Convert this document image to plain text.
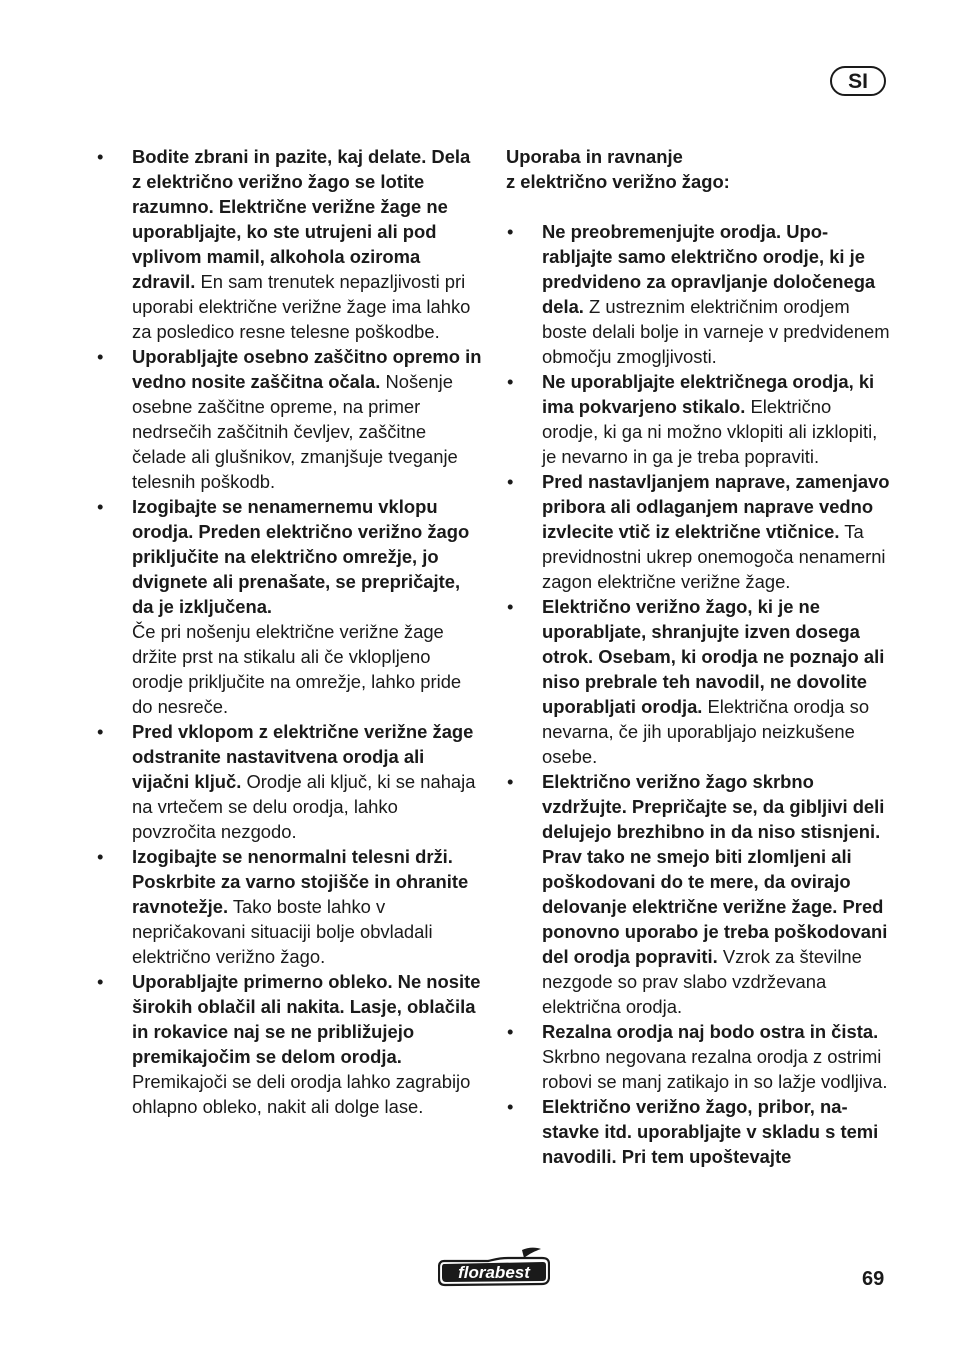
SI
• Bodite zbrani in pazite, kaj delate. Dela z električno verižno žago se lotite razumno. Električne verižne žage ne uporabljajte, ko ste utrujeni ali pod vplivom mamil, alkohola oziroma zdravil. En sam trenutek nepazljivosti pri uporabi električne verižne žage ima lahko za posledico resne telesne poškodbe.
• Uporabljajte osebno zaščitno opremo in vedno nosite zaščitna očala. Nošenje osebne zaščitne opreme, na primer nedrsečih zaščitnih čevljev, zaščitne čelade ali glušnikov, zmanjšuje tveganje telesnih poškodb.
• Izogibajte se nenamernemu vklopu orodja. Preden električno verižno žago priključite na električno omrežje, jo dvignete ali prenašate, se prepričajte, da je izključena.
Če pri nošenju električne verižne žage držite prst na stikalu ali če vklopljeno orodje priključite na omrežje, lahko pride do nesreče.
• Pred vklopom z električne verižne žage odstranite nastavitvena orodja ali vijačni ključ. Orodje ali ključ, ki se nahaja na vrtečem se delu orodja, lahko povzročita nezgodo.
• Izogibajte se nenormalni telesni drži. Poskrbite za varno stojišče in ohranite ravnotežje. Tako boste lahko v nepričakovani situaciji bolje obvladali električno verižno žago.
• Uporabljajte primerno obleko. Ne nosite širokih oblačil ali nakita. Lasje, oblačila in rokavice naj se ne približujejo premikajočim se delom orodja. Premikajoči se deli orodja lahko zagrabijo ohlapno obleko, nakit ali dolge lase.
Uporaba in ravnanje
z električno verižno žago:
• Ne preobremenjujte orodja. Uporabljajte samo električno orodje, ki je predvideno za opravljanje določenega dela. Z ustreznim električnim orodjem boste delali bolje in varneje v predvidenem območju zmogljivosti.
• Ne uporabljajte električnega orodja, ki ima pokvarjeno stikalo. Električno orodje, ki ga ni možno vklopiti ali izklopiti, je nevarno in ga je treba popraviti.
• Pred nastavljanjem naprave, zamenjavo pribora ali odlaganjem naprave vedno izvlecite vtič iz električne vtičnice. Ta previdnostni ukrep onemogoča nenamerni zagon električne verižne žage.
• Električno verižno žago, ki je ne uporabljate, shranjujte izven dosega otrok. Osebam, ki orodja ne poznajo ali niso prebrale teh navodil, ne dovolite uporabljati orodja. Električna orodja so nevarna, če jih uporabljajo neizkušene osebe.
• Električno verižno žago skrbno vzdržujte. Prepričajte se, da gibljivi deli delujejo brezhibno in da niso stisnjeni. Prav tako ne smejo biti zlomljeni ali poškodovani do te mere, da ovirajo delovanje električne verižne žage. Pred ponovno uporabo je treba poškodovani del orodja popraviti. Vzrok za številne nezgode so prav slabo vzdrževana električna orodja.
• Rezalna orodja naj bodo ostra in čista. Skrbno negovana rezalna orodja z ostrimi robovi se manj zatikajo in so lažje vodljiva.
• Električno verižno žago, pribor, nastavke itd. uporabljajte v skladu s temi navodili. Pri tem upoštevajte
florabest	69
